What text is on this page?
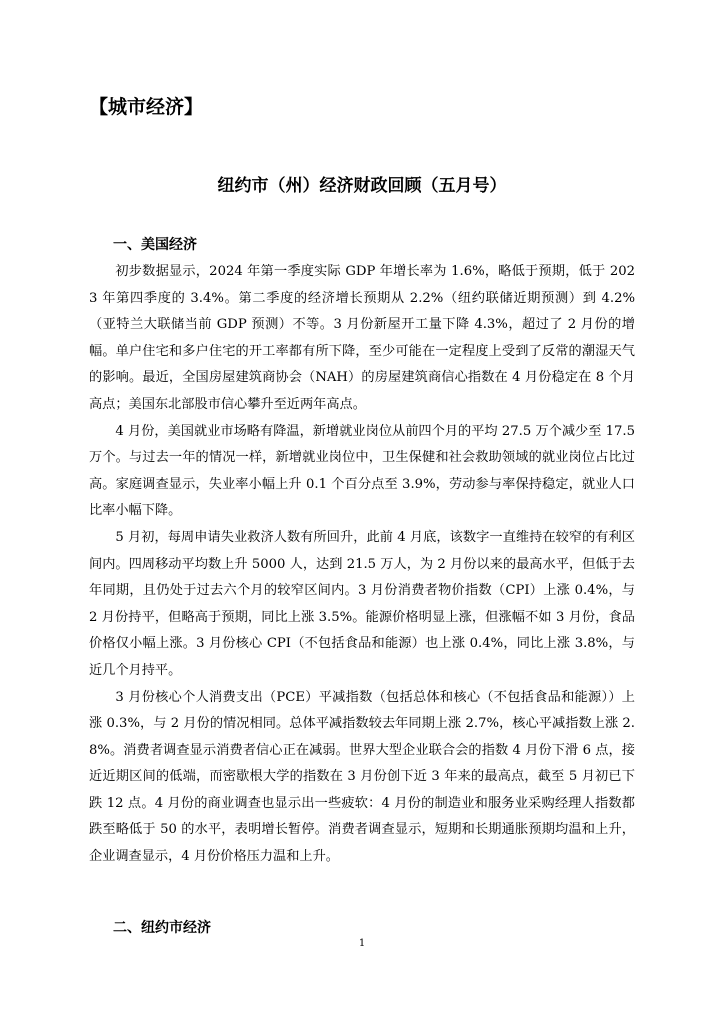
【城市经济】
纽约市（州）经济财政回顾（五月号）
一、美国经济

初步数据显示，2024 年第一季度实际 GDP 年增长率为 1.6%，略低于预期，低于 2023 年第四季度的 3.4%。第二季度的经济增长预期从 2.2%（纽约联储近期预测）到 4.2%（亚特兰大联储当前 GDP 预测）不等。3 月份新屋开工量下降 4.3%，超过了 2 月份的增幅。单户住宅和多户住宅的开工率都有所下降，至少可能在一定程度上受到了反常的潮湿天气的影响。最近，全国房屋建筑商协会（NAH）的房屋建筑商信心指数在 4 月份稳定在 8 个月高点；美国东北部股市信心攀升至近两年高点。

4 月份，美国就业市场略有降温，新增就业岗位从前四个月的平均 27.5 万个减少至 17.5 万个。与过去一年的情况一样，新增就业岗位中，卫生保健和社会救助领域的就业岗位占比过高。家庭调查显示，失业率小幅上升 0.1 个百分点至 3.9%，劳动参与率保持稳定，就业人口比率小幅下降。

5 月初，每周申请失业救济人数有所回升，此前 4 月底，该数字一直维持在较窄的有利区间内。四周移动平均数上升 5000 人，达到 21.5 万人，为 2 月份以来的最高水平，但低于去年同期，且仍处于过去六个月的较窄区间内。3 月份消费者物价指数（CPI）上涨 0.4%，与 2 月份持平，但略高于预期，同比上涨 3.5%。能源价格明显上涨，但涨幅不如 3 月份，食品价格仅小幅上涨。3 月份核心 CPI（不包括食品和能源）也上涨 0.4%，同比上涨 3.8%，与近几个月持平。

3 月份核心个人消费支出（PCE）平减指数（包括总体和核心（不包括食品和能源））上涨 0.3%，与 2 月份的情况相同。总体平减指数较去年同期上涨 2.7%，核心平减指数上涨 2.8%。消费者调查显示消费者信心正在减弱。世界大型企业联合会的指数 4 月份下滑 6 点，接近近期区间的低端，而密歇根大学的指数在 3 月份创下近 3 年来的最高点，截至 5 月初已下跌 12 点。4 月份的商业调查也显示出一些疲软：4 月份的制造业和服务业采购经理人指数都跌至略低于 50 的水平，表明增长暂停。消费者调查显示，短期和长期通胀预期均温和上升，企业调查显示，4 月份价格压力温和上升。

二、纽约市经济
1
